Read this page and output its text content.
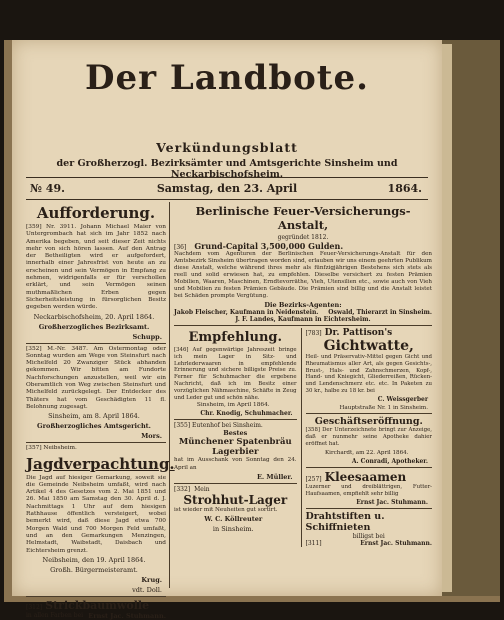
Der Landbote.
Verkündungsblatt
der Großherzogl. Bezirksämter und Amtsgerichte Sinsheim und Neckarbischofsheim.
№ 49.	Samstag, den 23. April	1864.
Aufforderung.
[359] Nr. 3911. Johann Michael Maier von Untergrombach hat sich im Jahr 1852 nach Amerika begeben, und seit dieser Zeit nichts mehr von sich hören lassen. Auf den Antrag der Betheiligten wird er aufgefordert, innerhalb einer Jahresfrist von heute an zu erscheinen und sein Vermögen in Empfang zu nehmen, widrigenfalls er für verschollen erklärt, und sein Vermögen seinen muthmaßlichen Erben gegen Sicherheitsleistung in fürsorglichen Besitz gegeben werden würde.
Neckarbischofsheim, 20. April 1864.
Großherzogliches Bezirksamt.
Schupp.
[352] M.-Nr. 3487. Am Ostermontag oder Sonntag wurden am Wege von Steinsfurt nach Michelfeld 20 Zwanziger Stück abhanden gekommen. Wir bitten am Fundorte Nachforschungen anzustellen, weil wir ein Oberamtlich von Weg zwischen Steinsfurt und Michelfeld zurückgelegt. Der Entdecker des Thäters hat vom Geschädigten 11 fl. Belohnung zugesagt.
Sinsheim, am 8. April 1864.
Großherzogliches Amtsgericht.
Mors.
[357] Neibsheim.
Jagdverpachtung.
Die Jagd auf hiesiger Gemarkung, soweit sie die Gemeinde Neibsheim umfaßt, wird nach Artikel 4 des Gesetzes vom 2. Mai 1851 und 26. Mai 1850 am Samstag den 30. April d. J. Nachmittags 1 Uhr auf dem hiesigen Rathhause öffentlich versteigert, wobei bemerkt wird, daß diese Jagd etwa 700 Morgen Wald und 700 Morgen Feld umfaßt, und an den Gemarkungen Menzingen, Helmstadt, Waibstadt, Daisbach und Eichtersheim grenzt.
Neibsheim, den 19. April 1864.
Großh. Bürgermeisteramt.
Krug.
vdt. Doll.
[312] Strickbaumwolle
in allen Farben bei Ernst Jac. Stuhmann.
Berlinische Feuer-Versicherungs-Anstalt,
gegründet 1812.
[36] Grund-Capital 3,500,000 Gulden.
Nachdem vom Agenturen der Berlinischen Feuer-Versicherungs-Anstalt für den Amtsbezirk Sinsheim übertragen worden sind, erlauben wir uns einem geehrten Publikum diese Anstalt, welche während ihres mehr als fünfzigjährigen Bestehens sich stets als reell und solid erwiesen hat, zu empfehlen. Dieselbe versichert zu festen Prämien Mobilien, Waaren, Maschinen, Erndtevorräthe, Vieh, Utensilien etc., sowie auch von Vieh und Mobilien zu festen Prämien Gebäude. Die Prämien sind billig und die Anstalt leistet bei Schäden prompte Vergütung.
Die Bezirks-Agenten:
Jakob Fleischer, Kaufmann in Neidenstein. Oswald, Thierarzt in Sinsheim.
J. F. Landes, Kaufmann in Eichtersheim.
Empfehlung.
[346] Auf gegenwärtige Jahreszeit bringe ich mein Lager in Sitz- und Lehrlederwaaren in empfehlende Erinnerung und sichere billigste Preise zu. Ferner für Schuhmacher die ergebene Nachricht, daß ich im Besitz einer vorzüglichen Nähmaschine, Schäfte in Zeug und Leder gut und schön nähe.
Sinsheim, im April 1864.
Chr. Knodig, Schuhmacher.
[355] Eutenhof bei Sinsheim.
Bestes
Münchener Spatenbräu Lagerbier
hat im Ausschank von Sonntag den 24. April an
E. Müller.
[332] Mein
Strohhut-Lager
ist wieder mit Neuheiten gut sortirt.
W. C. Köllreuter
in Sinsheim.
[783] Dr. Pattison's
Gichtwatte,
Heil- und Präservativ-Mittel gegen Gicht und Rheumatismus aller Art, als gegen Gesichts-, Brust-, Hals- und Zahnschmerzen, Kopf-, Hand- und Kniegicht, Gliederreißen, Rücken- und Lendenschmerz etc. etc. In Paketen zu 30 kr., halbe zu 18 kr. bei
C. Weissgerber
Hauptstraße Nr. 1 in Sinsheim.
Geschäftseröffnung.
[358] Der Unterzeichnete bringt zur Anzeige, daß er nunmehr seine Apotheke dahier eröffnet hat.
Kirchardt, am 22. April 1864.
A. Conradi, Apotheker.
[257] Kleesaamen
Luzerner und dreiblättrigen, Futter-Haufsaamen, empfiehlt sehr billig
Ernst Jac. Stuhmann.
Drahtstiften u. Schiffnieten
billigst bei
[311]	Ernst Jac. Stuhmann.
